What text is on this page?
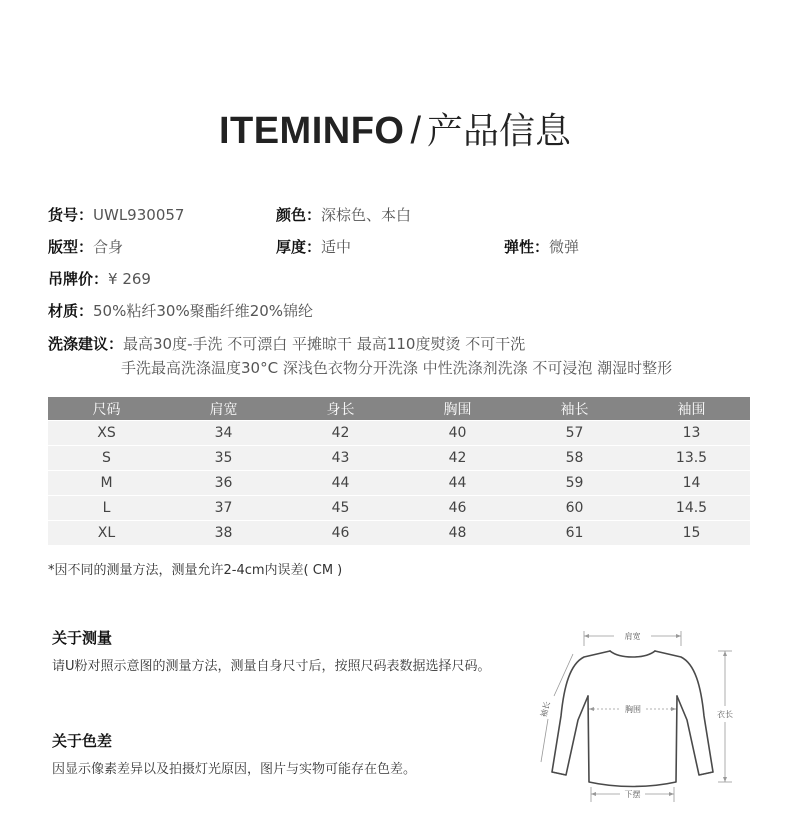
ITEMINFO / 产品信息
货号：UWL930057	颜色：深棕色、本白
版型：合身	厚度：适中	弹性：微弹
吊牌价：¥ 269
材质：50%粘纤30%聚酯纤维20%锦纶
洗涤建议：最高30度-手洗 不可漂白 平摊晾干 最高110度熨烫 不可干洗
手洗最高洗涤温度30°C 深浅色衣物分开洗涤 中性洗涤剂洗涤 不可浸泡 潮湿时整形
尺码	肩宽	身长	胸围	袖长	袖围
XS	34	42	40	57	13
S	35	43	42	58	13.5
M	36	44	44	59	14
L	37	45	46	60	14.5
XL	38	46	48	61	15
*因不同的测量方法，测量允许2-4cm内误差( CM )
关于测量
请U粉对照示意图的测量方法，测量自身尺寸后，按照尺码表数据选择尺码。
关于色差
因显示像素差异以及拍摄灯光原因，图片与实物可能存在色差。
肩宽
胸围
袖长	衣长
下摆
